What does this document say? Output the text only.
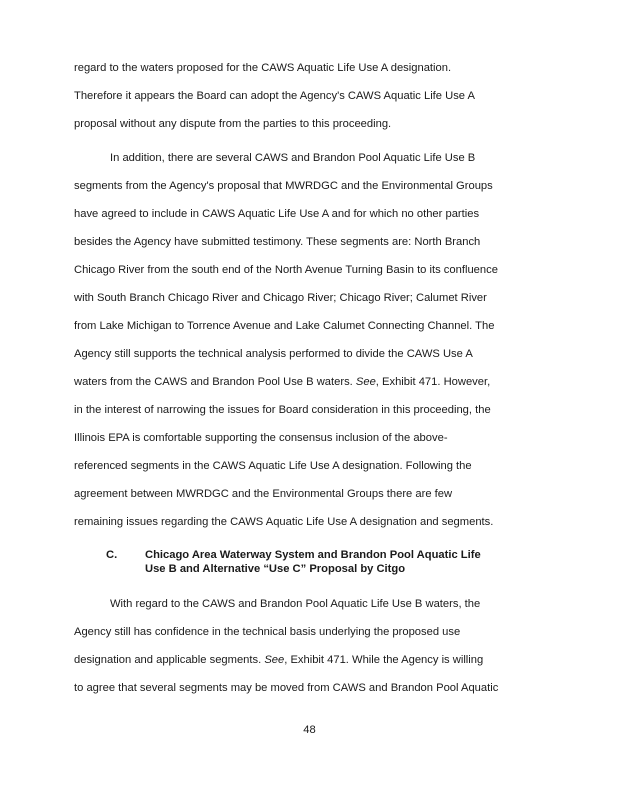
regard to the waters proposed for the CAWS Aquatic Life Use A designation.
Therefore it appears the Board can adopt the Agency's CAWS Aquatic Life Use A
proposal without any dispute from the parties to this proceeding.
In addition, there are several CAWS and Brandon Pool Aquatic Life Use B
segments from the Agency's proposal that MWRDGC and the Environmental Groups
have agreed to include in CAWS Aquatic Life Use A and for which no other parties
besides the Agency have submitted testimony. These segments are: North Branch
Chicago River from the south end of the North Avenue Turning Basin to its confluence
with South Branch Chicago River and Chicago River; Chicago River; Calumet River
from Lake Michigan to Torrence Avenue and Lake Calumet Connecting Channel. The
Agency still supports the technical analysis performed to divide the CAWS Use A
waters from the CAWS and Brandon Pool Use B waters. See, Exhibit 471. However,
in the interest of narrowing the issues for Board consideration in this proceeding, the
Illinois EPA is comfortable supporting the consensus inclusion of the above-
referenced segments in the CAWS Aquatic Life Use A designation. Following the
agreement between MWRDGC and the Environmental Groups there are few
remaining issues regarding the CAWS Aquatic Life Use A designation and segments.
C. Chicago Area Waterway System and Brandon Pool Aquatic Life
Use B and Alternative “Use C” Proposal by Citgo
With regard to the CAWS and Brandon Pool Aquatic Life Use B waters, the
Agency still has confidence in the technical basis underlying the proposed use
designation and applicable segments. See, Exhibit 471. While the Agency is willing
to agree that several segments may be moved from CAWS and Brandon Pool Aquatic
48
